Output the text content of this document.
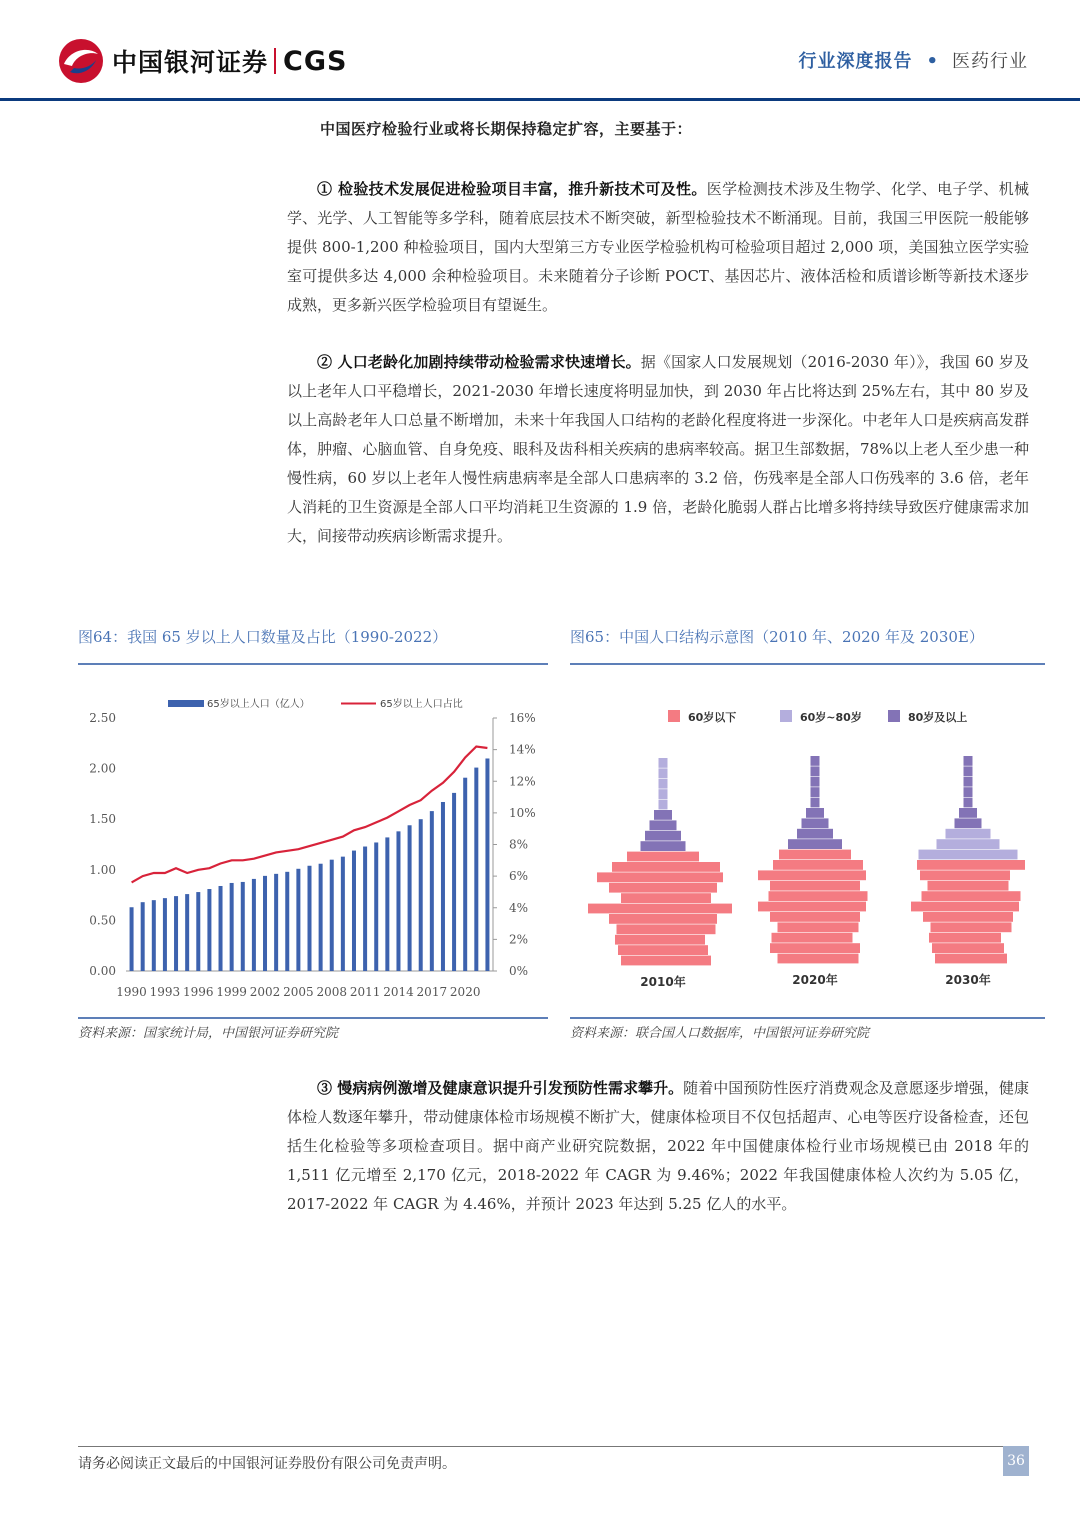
中国银河证券 CGS	行业深度报告 • 医药行业
中国医疗检验行业或将长期保持稳定扩容，主要基于：

① 检验技术发展促进检验项目丰富，推升新技术可及性。医学检测技术涉及生物学、化学、电子学、机械学、光学、人工智能等多学科，随着底层技术不断突破，新型检验技术不断涌现。目前，我国三甲医院一般能够提供 800-1,200 种检验项目，国内大型第三方专业医学检验机构可检验项目超过 2,000 项，美国独立医学实验室可提供多达 4,000 余种检验项目。未来随着分子诊断 POCT、基因芯片、液体活检和质谱诊断等新技术逐步成熟，更多新兴医学检验项目有望诞生。

② 人口老龄化加剧持续带动检验需求快速增长。据《国家人口发展规划（2016-2030 年）》，我国 60 岁及以上老年人口平稳增长，2021-2030 年增长速度将明显加快，到 2030 年占比将达到 25%左右，其中 80 岁及以上高龄老年人口总量不断增加，未来十年我国人口结构的老龄化程度将进一步深化。中老年人口是疾病高发群体，肿瘤、心脑血管、自身免疫、眼科及齿科相关疾病的患病率较高。据卫生部数据，78%以上老人至少患一种慢性病，60 岁以上老年人慢性病患病率是全部人口患病率的 3.2 倍，伤残率是全部人口伤残率的 3.6 倍，老年人消耗的卫生资源是全部人口平均消耗卫生资源的 1.9 倍，老龄化脆弱人群占比增多将持续导致医疗健康需求加大，间接带动疾病诊断需求提升。

图64：我国 65 岁以上人口数量及占比（1990-2022）
0.00
0.50
1.00
1.50
2.00
2.50
0%
2%
4%
6%
8%
10%
12%
14%
16%
1990 1993 1996 1999 2002 2005 2008 2011 2014 2017 2020
65岁以上人口（亿人）	65岁以上人口占比
资料来源：国家统计局，中国银河证券研究院
图65：中国人口结构示意图（2010 年、2020 年及 2030E）
60岁以下	60岁~80岁	80岁及以上
2010年	2020年	2030年
资料来源：联合国人口数据库，中国银河证券研究院

③ 慢病病例激增及健康意识提升引发预防性需求攀升。随着中国预防性医疗消费观念及意愿逐步增强，健康体检人数逐年攀升，带动健康体检市场规模不断扩大，健康体检项目不仅包括超声、心电等医疗设备检查，还包括生化检验等多项检查项目。据中商产业研究院数据，2022 年中国健康体检行业市场规模已由 2018 年的 1,511 亿元增至 2,170 亿元，2018-2022 年 CAGR 为 9.46%；2022 年我国健康体检人次约为 5.05 亿，2017-2022 年 CAGR 为 4.46%，并预计 2023 年达到 5.25 亿人的水平。

请务必阅读正文最后的中国银河证券股份有限公司免责声明。	36
